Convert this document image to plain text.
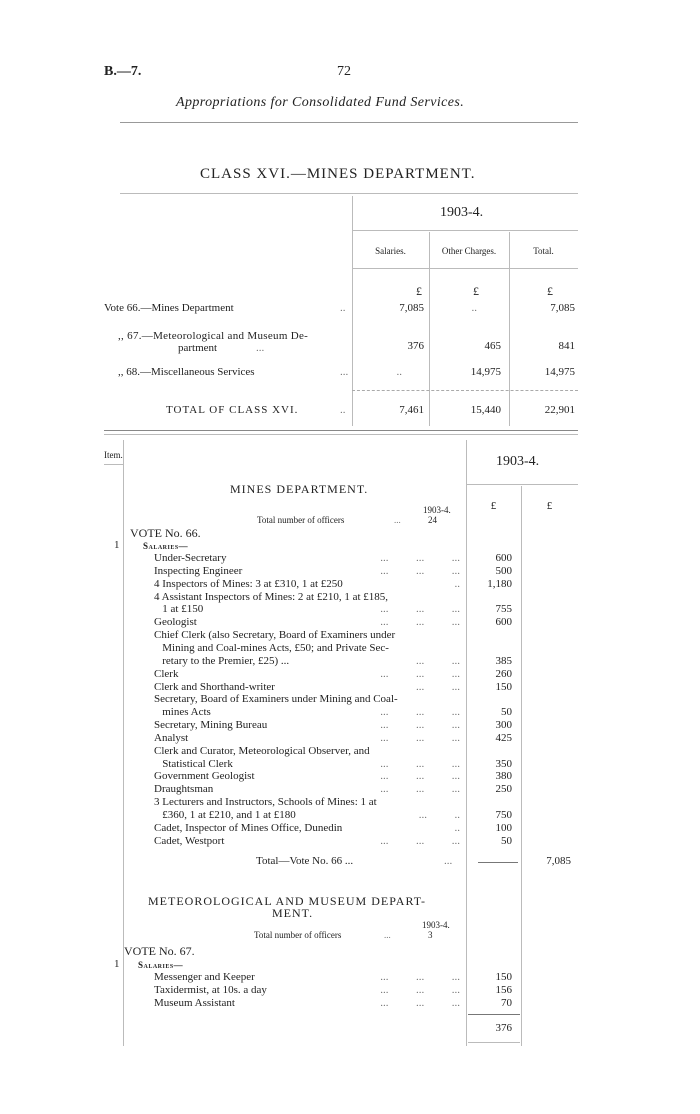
B.—7.	72
Appropriations for Consolidated Fund Services.
CLASS XVI.—MINES DEPARTMENT.
1903-4.
Salaries.	Other Charges.	Total.
£	£	£
Vote 66.—Mines Department	..	7,085	..	7,085
,, 67.—Meteorological and Museum De-
partment	...	376	465	841
,, 68.—Miscellaneous Services	...	..	14,975	14,975
TOTAL OF CLASS XVI.	..	7,461	15,440	22,901
Item.	1903-4.
£	£
MINES DEPARTMENT.
1903-4.
Total number of officers	...	24
VOTE No. 66.
1	Salaries—
Under-Secretary	...          ...          ...	600
Inspecting Engineer	...          ...          ...	500
4 Inspectors of Mines: 3 at £310, 1 at £250	..	1,180
4 Assistant Inspectors of Mines: 2 at £210, 1 at £185,
1 at £150	...          ...          ...	755
Geologist	...          ...          ...	600
Chief Clerk (also Secretary, Board of Examiners under
Mining and Coal-mines Acts, £50; and Private Sec-
retary to the Premier, £25) ...	...          ...	385
Clerk	...          ...          ...	260
Clerk and Shorthand-writer	...          ...	150
Secretary, Board of Examiners under Mining and Coal-
mines Acts	...          ...          ...	50
Secretary, Mining Bureau	...          ...          ...	300
Analyst	...          ...          ...	425
Clerk and Curator, Meteorological Observer, and
Statistical Clerk	...          ...          ...	350
Government Geologist	...          ...          ...	380
Draughtsman	...          ...          ...	250
3 Lecturers and Instructors, Schools of Mines: 1 at
£360, 1 at £210, and 1 at £180	...          ..	750
Cadet, Inspector of Mines Office, Dunedin	..	100
Cadet, Westport	...          ...          ...	50
Total—Vote No. 66 ...	...	7,085
METEOROLOGICAL AND MUSEUM DEPART-
MENT.
1903-4.
Total number of officers	...	3
VOTE No. 67.
1 Salaries—
Messenger and Keeper	...          ...          ...	150
Taxidermist, at 10s. a day	...          ...          ...	156
Museum Assistant	...          ...          ...	70
376
